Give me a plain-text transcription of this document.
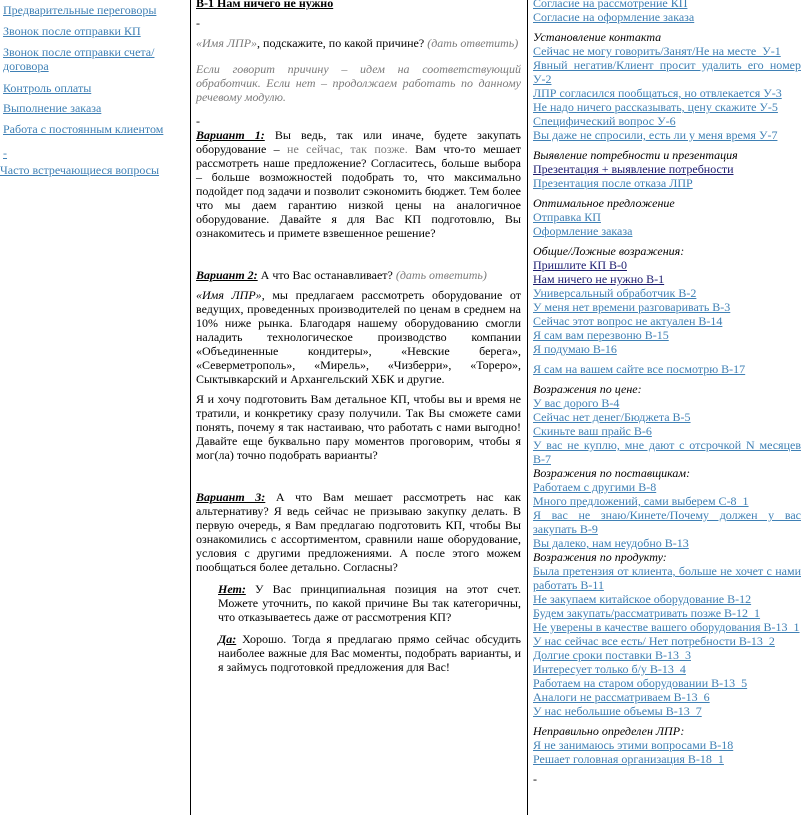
Предварительные переговоры
Звонок после отправки КП
Звонок после отправки счета/договора
Контроль оплаты
Выполнение заказа
Работа с постоянным клиентом
-
Часто встречающиеся вопросы

В-1 Нам ничего не нужно

-

«Имя ЛПР», подскажите, по какой причине? (дать ответить)

Если говорит причину – идем на соответствующий обработчик. Если нет – продолжаем работать по данному речевому модулю.

-

Вариант 1: Вы ведь, так или иначе, будете закупать оборудование – не сейчас, так позже. Вам что-то мешает рассмотреть наше предложение? Согласитесь, больше выбора – больше возможностей подобрать то, что максимально подойдет под задачи и позволит сэкономить бюджет. Тем более что мы даем гарантию низкой цены на аналогичное оборудование. Давайте я для Вас КП подготовлю, Вы ознакомитесь и примете взвешенное решение?

Вариант 2: А что Вас останавливает? (дать ответить)

«Имя ЛПР», мы предлагаем рассмотреть оборудование от ведущих, проведенных производителей по ценам в среднем на 10% ниже рынка. Благодаря нашему оборудованию смогли наладить технологическое производство компании «Объединенные кондитеры», «Невские берега», «Северметрополь», «Мирель», «Чизберри», «Тореро», Сыктывкарский и Архангельский ХБК и другие.

Я и хочу подготовить Вам детальное КП, чтобы вы и время не тратили, и конкретику сразу получили. Так Вы сможете сами понять, почему я так настаиваю, что работать с нами выгодно! Давайте еще буквально пару моментов проговорим, чтобы я мог(ла) точно подобрать варианты?

Вариант 3: А что Вам мешает рассмотреть нас как альтернативу? Я ведь сейчас не призываю закупку делать. В первую очередь, я Вам предлагаю подготовить КП, чтобы Вы ознакомились с ассортиментом, сравнили наше оборудование, условия с другими предложениями. А после этого можем пообщаться более детально. Согласны?

Нет: У Вас принципиальная позиция на этот счет. Можете уточнить, по какой причине Вы так категоричны, что отказываетесь даже от рассмотрения КП?

Да: Хорошо. Тогда я предлагаю прямо сейчас обсудить наиболее важные для Вас моменты, подобрать варианты, и я займусь подготовкой предложения для Вас!

Согласие на рассмотрение КП
Согласие на оформление заказа
Установление контакта
Сейчас не могу говорить/Занят/Не на месте_У-1
Явный негатив/Клиент просит удалить его номер У-2
ЛПР согласился пообщаться, но отвлекается У-3
Не надо ничего рассказывать, цену скажите У-5
Специфический вопрос У-6
Вы даже не спросили, есть ли у меня время У-7
Выявление потребности и презентация
Презентация + выявление потребности
Презентация после отказа ЛПР
Оптимальное предложение
Отправка КП
Оформление заказа
Общие/Ложные возражения:
Пришлите КП В-0
Нам ничего не нужно В-1
Универсальный обработчик В-2
У меня нет времени разговаривать В-3
Сейчас этот вопрос не актуален В-14
Я сам вам перезвоню В-15
Я подумаю В-16
Я сам на вашем сайте все посмотрю В-17
Возражения по цене:
У вас дорого В-4
Сейчас нет денег/Бюджета В-5
Скиньте ваш прайс В-6
У вас не куплю, мне дают с отсрочкой N месяцев В-7
Возражения по поставщикам:
Работаем с другими В-8
Много предложений, сами выберем С-8_1
Я вас не знаю/Кинете/Почему должен у вас закупать В-9
Вы далеко, нам неудобно В-13
Возражения по продукту:
Была претензия от клиента, больше не хочет с нами работать В-11
Не закупаем китайское оборудование В-12
Будем закупать/рассматривать позже В-12_1
Не уверены в качестве вашего оборудования В-13_1
У нас сейчас все есть/ Нет потребности В-13_2
Долгие сроки поставки В-13_3
Интересует только б/у В-13_4
Работаем на старом оборудовании В-13_5
Аналоги не рассматриваем В-13_6
У нас небольшие объемы В-13_7
Неправильно определен ЛПР:
Я не занимаюсь этими вопросами В-18
Решает головная организация В-18_1
-
